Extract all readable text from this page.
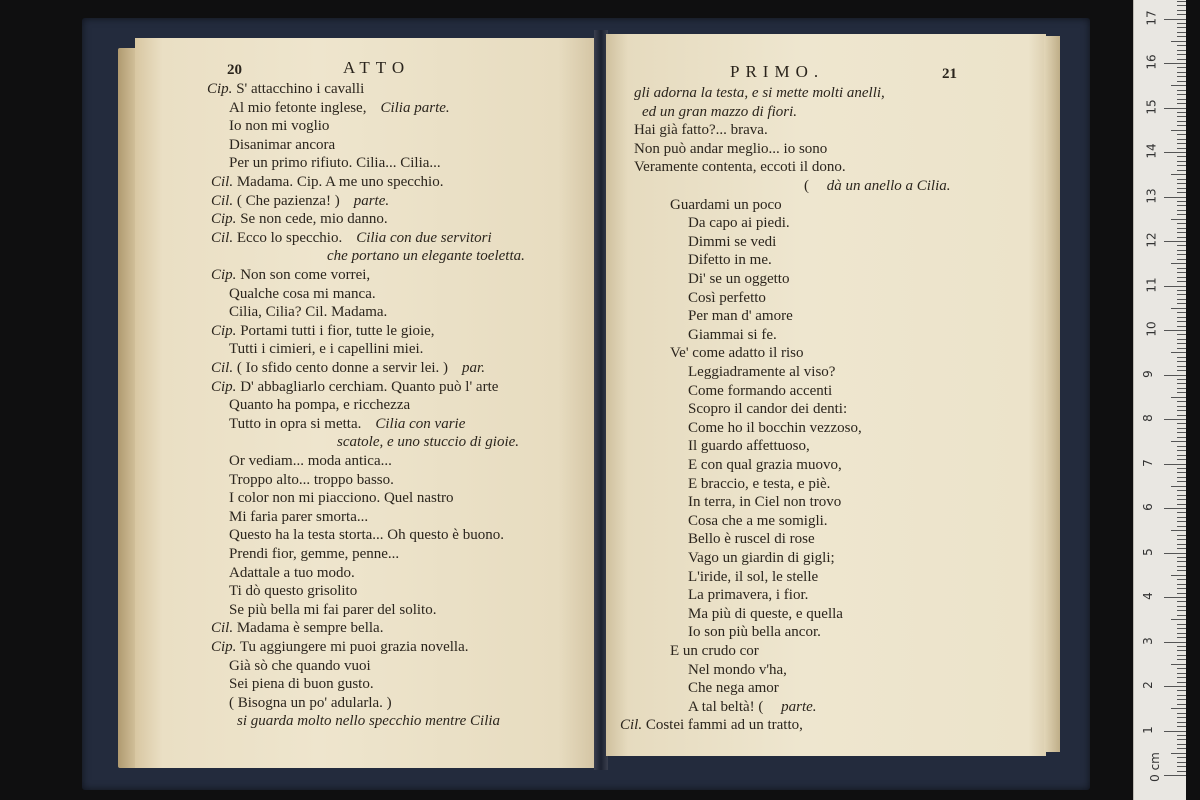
20	ATTO
Cip. S' attacchino i cavalli
Al mio fetonte inglese, Cilia parte.
Io non mi voglio
Disanimar ancora
Per un primo rifiuto. Cilia... Cilia...
Cil. Madama. Cip. A me uno specchio.
Cil. ( Che pazienza! ) parte.
Cip. Se non cede, mio danno.
Cil. Ecco lo specchio. Cilia con due servitori
che portano un elegante toeletta.
Cip. Non son come vorrei,
Qualche cosa mi manca.
Cilia, Cilia? Cil. Madama.
Cip. Portami tutti i fior, tutte le gioie,
Tutti i cimieri, e i capellini miei.
Cil. ( Io sfido cento donne a servir lei. ) par.
Cip. D' abbagliarlo cerchiam. Quanto può l' arte
Quanto ha pompa, e ricchezza
Tutto in opra si metta. Cilia con varie
scatole, e uno stuccio di gioie.
Or vediam... moda antica...
Troppo alto... troppo basso.
I color non mi piacciono. Quel nastro
Mi faria parer smorta...
Questo ha la testa storta... Oh questo è buono.
Prendi fior, gemme, penne...
Adattale a tuo modo.
Ti dò questo grisolito
Se più bella mi fai parer del solito.
Cil. Madama è sempre bella.
Cip. Tu aggiungere mi puoi grazia novella.
Già sò che quando vuoi
Sei piena di buon gusto.
( Bisogna un po' adularla. )
si guarda molto nello specchio mentre Cilia
PRIMO.	21
gli adorna la testa, e si mette molti anelli,
ed un gran mazzo di fiori.
Hai già fatto?... brava.
Non può andar meglio... io sono
Veramente contenta, eccoti il dono.
( dà un anello a Cilia.
Guardami un poco
Da capo ai piedi.
Dimmi se vedi
Difetto in me.
Di' se un oggetto
Così perfetto
Per man d' amore
Giammai si fe.
Ve' come adatto il riso
Leggiadramente al viso?
Come formando accenti
Scopro il candor dei denti:
Come ho il bocchin vezzoso,
Il guardo affettuoso,
E con qual grazia muovo,
E braccio, e testa, e piè.
In terra, in Ciel non trovo
Cosa che a me somigli.
Bello è ruscel di rose
Vago un giardin di gigli;
L'iride, il sol, le stelle
La primavera, i fior.
Ma più di queste, e quella
Io son più bella ancor.
E un crudo cor
Nel mondo v'ha,
Che nega amor
A tal beltà! ( parte.
Cil. Costei fammi ad un tratto,	1
2
3
4
5
6
7
8
9
10
11
12
13
14
15
16
17
0 cm
